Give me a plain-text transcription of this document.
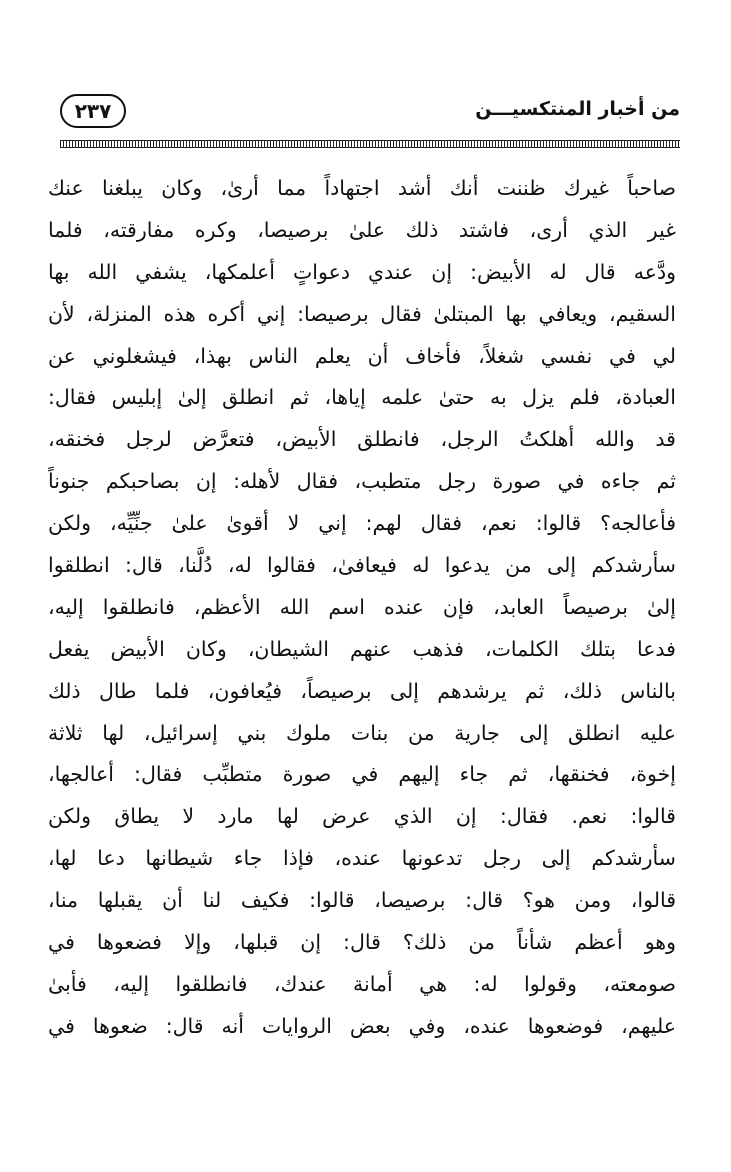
٢٣٧	من أخبار المنتكسيـــن
صاحباً غيرك ظننت أنك أشد اجتهاداً مما أرىٰ، وكان يبلغنا عنك
غير الذي أرى، فاشتد ذلك علىٰ برصيصا، وكره مفارقته، فلما
ودَّعه قال له الأبيض: إن عندي دعواتٍ أعلمكها، يشفي الله بها
السقيم، ويعافي بها المبتلىٰ فقال برصيصا: إني أكره هذه المنزلة، لأن
لي في نفسي شغلاً، فأخاف أن يعلم الناس بهذا، فيشغلوني عن
العبادة، فلم يزل به حتىٰ علمه إياها، ثم انطلق إلىٰ إبليس فقال:
قد والله أهلكتُ الرجل، فانطلق الأبيض، فتعرَّض لرجل فخنقه،
ثم جاءه في صورة رجل متطبب، فقال لأهله: إن بصاحبكم جنوناً
فأعالجه؟ قالوا: نعم، فقال لهم: إني لا أقوىٰ علىٰ جنِّيِّه، ولكن
سأرشدكم إلى من يدعوا له فيعافىٰ، فقالوا له، دُلَّنا، قال: انطلقوا
إلىٰ برصيصاً العابد، فإن عنده اسم الله الأعظم، فانطلقوا إليه،
فدعا بتلك الكلمات، فذهب عنهم الشيطان، وكان الأبيض يفعل
بالناس ذلك، ثم يرشدهم إلى برصيصاً، فيُعافون، فلما طال ذلك
عليه انطلق إلى جارية من بنات ملوك بني إسرائيل، لها ثلاثة
إخوة، فخنقها، ثم جاء إليهم في صورة متطبِّب فقال: أعالجها،
قالوا: نعم. فقال: إن الذي عرض لها مارد لا يطاق ولكن
سأرشدكم إلى رجل تدعونها عنده، فإذا جاء شيطانها دعا لها،
قالوا، ومن هو؟ قال: برصيصا، قالوا: فكيف لنا أن يقبلها منا،
وهو أعظم شأناً من ذلك؟ قال: إن قبلها، وإلا فضعوها في
صومعته، وقولوا له: هي أمانة عندك، فانطلقوا إليه، فأبىٰ
عليهم، فوضعوها عنده، وفي بعض الروايات أنه قال: ضعوها في
